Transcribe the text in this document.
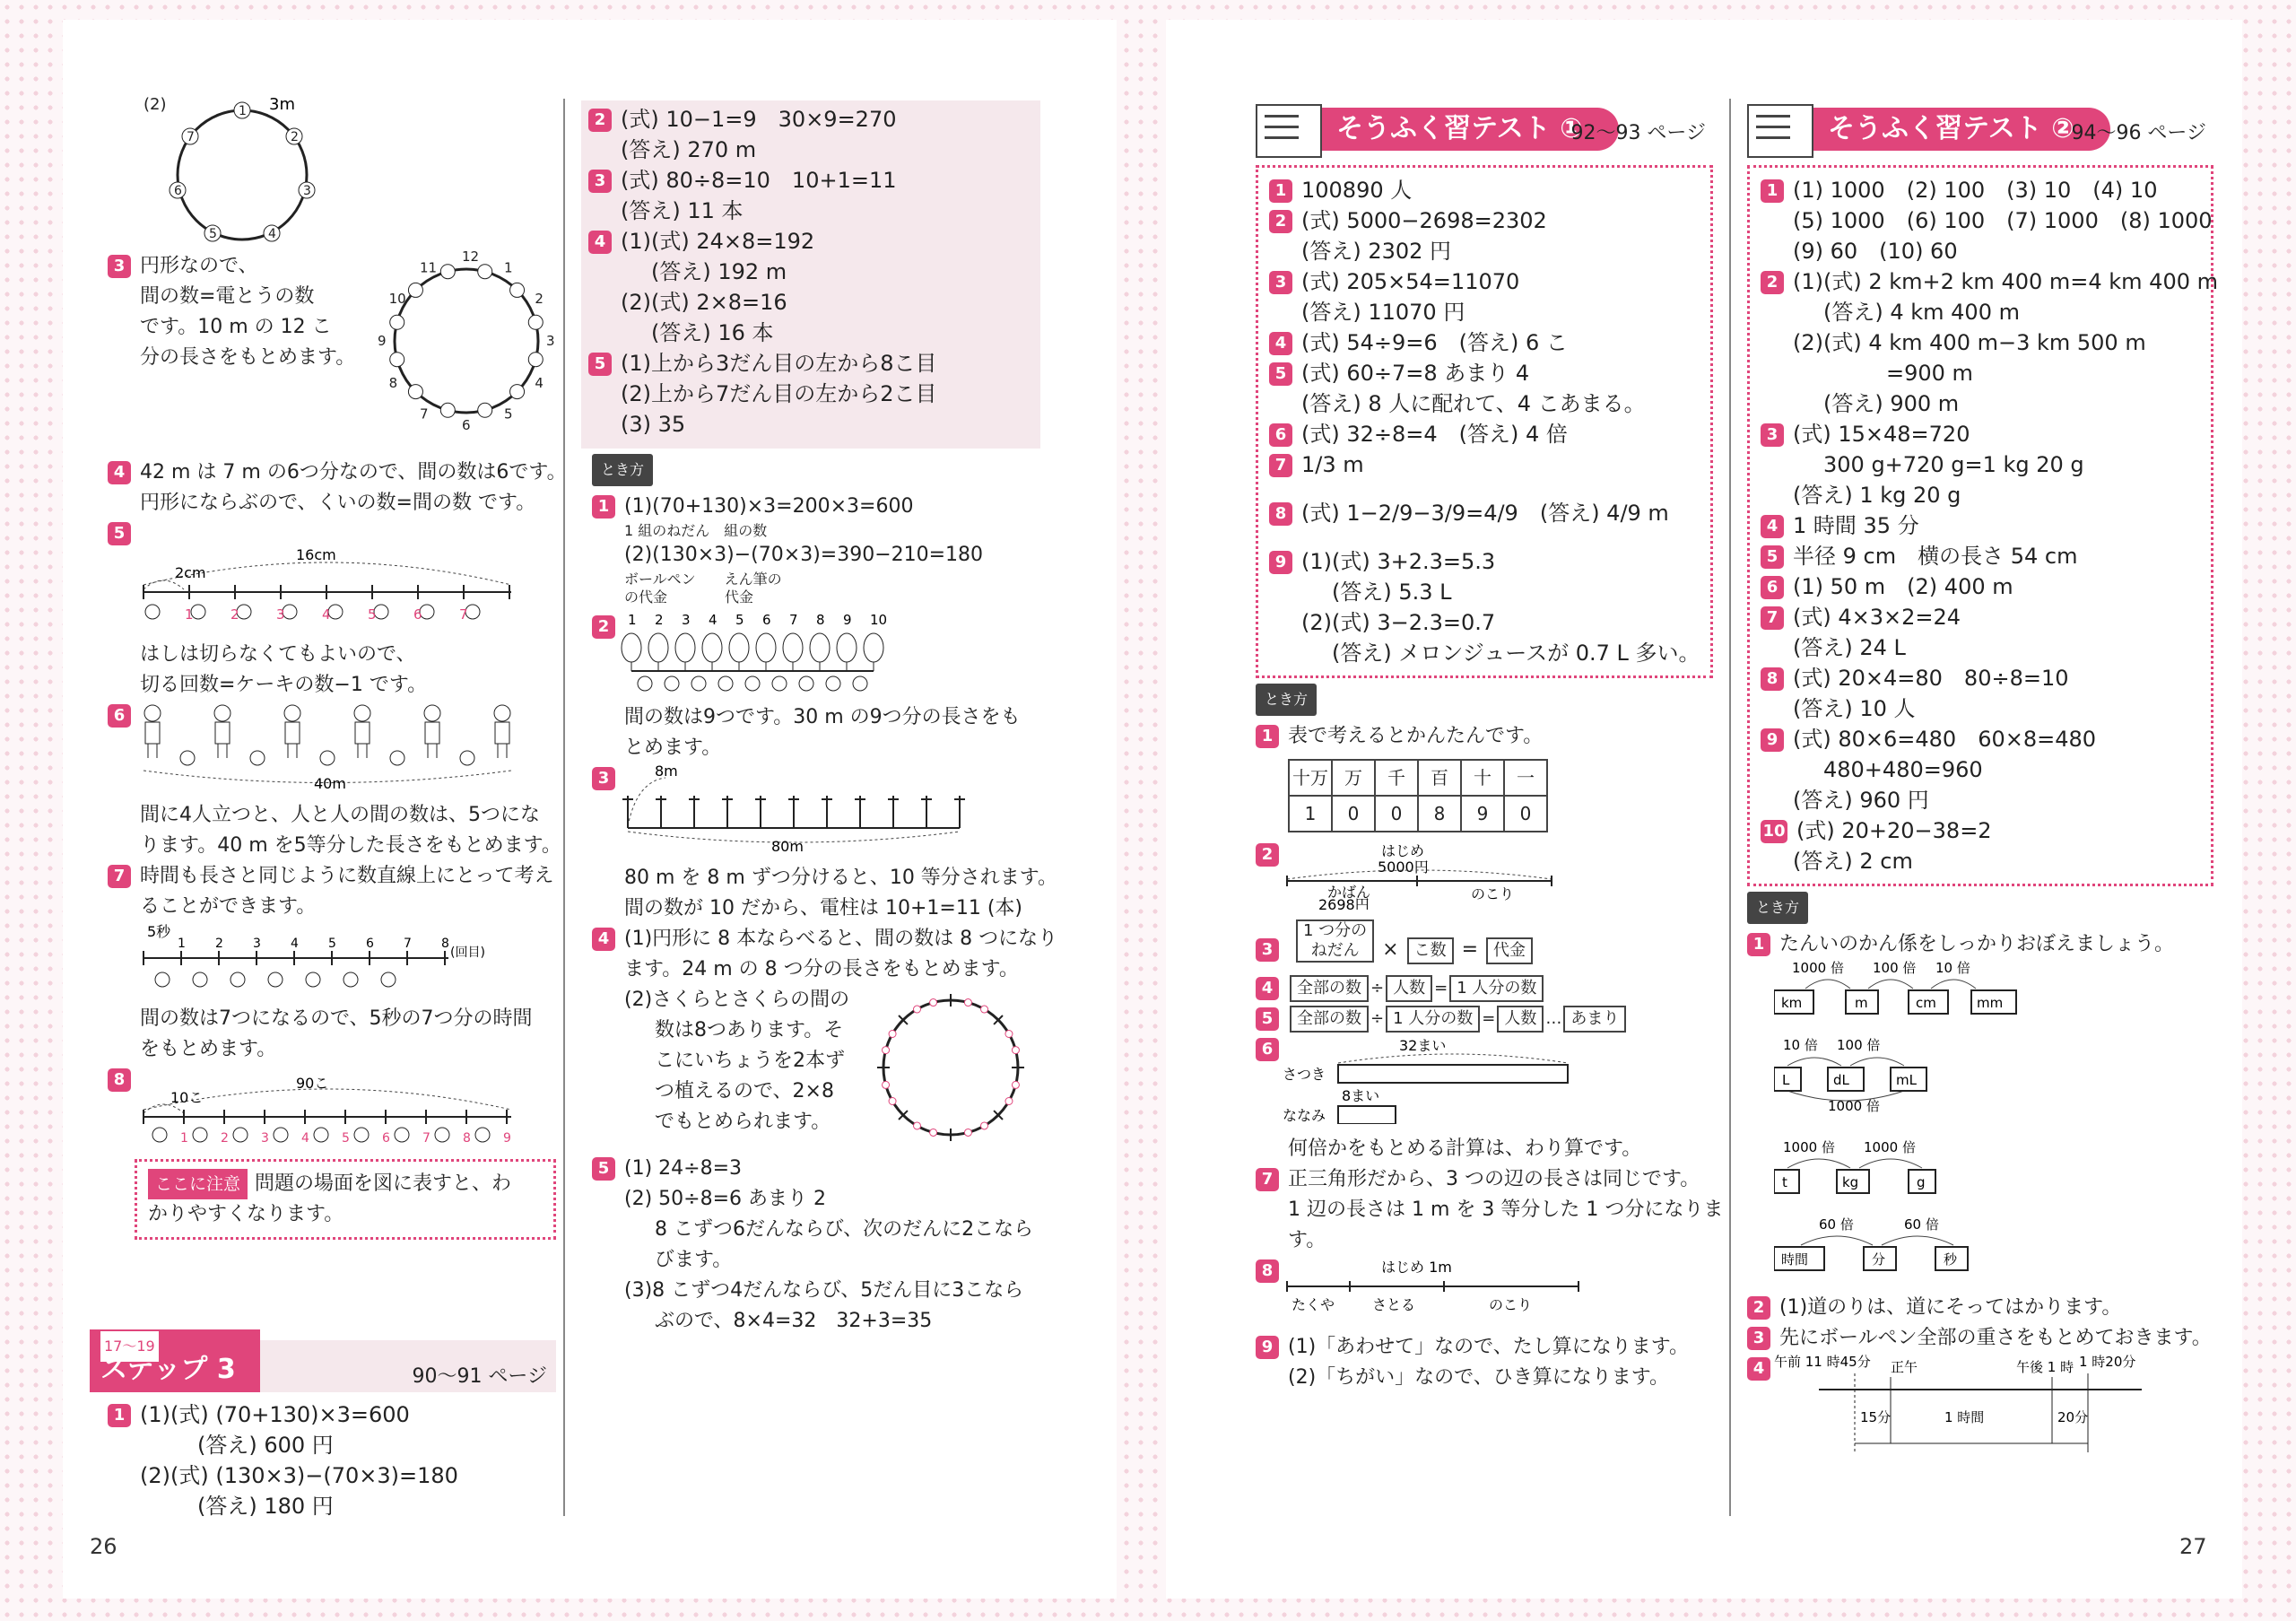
(2)	1
2
3
4
5
6
7
3m
3 円形なので、
間の数=電とうの数
です。10 m の 12 こ
分の長さをもとめます。
1
2
3
4
5
6
7
8
9
10
11
12
4 42 m は 7 m の6つ分なので、間の数は6です。
円形にならぶので、くいの数=間の数 です。
5
16cm
2cm
1	2	3	4	5	6	7
はしは切らなくてもよいので、
切る回数=ケーキの数−1 です。
6
40m
間に4人立つと、人と人の間の数は、5つにな
ります。40 m を5等分した長さをもとめます。
7 時間も長さと同じように数直線上にとって考え
ることができます。
5秒
1 2 3 4 5 6 7 8
(回目)
間の数は7つになるので、5秒の7つ分の時間
をもとめます。
8	90こ
10こ
1	2	3	4	5	6	7	8	9
ここに注意 問題の場面を図に表すと、わ
かりやすくなります。
17〜19
ステップ 3	90〜91 ページ
1 (1)(式) (70+130)×3=600
(答え) 600 円
(2)(式) (130×3)−(70×3)=180
(答え) 180 円
2 (式) 10−1=9　30×9=270
(答え) 270 m
3 (式) 80÷8=10　10+1=11
(答え) 11 本
4 (1)(式) 24×8=192
(答え) 192 m
(2)(式) 2×8=16
(答え) 16 本
5 (1)上から3だん目の左から8こ目
(2)上から7だん目の左から2こ目
(3) 35
とき方
1 (1)(70+130)×3=200×3=600
1 組のねだん　組の数
(2)(130×3)−(70×3)=390−210=180
ボールペン　　えん筆の
の代金　　　　代金
2	1 2 3 4 5 6 7 8 9 10
間の数は9つです。30 m の9つ分の長さをも
とめます。
3	8m
80m
80 m を 8 m ずつ分けると、10 等分されます。
間の数が 10 だから、電柱は 10+1=11 (本)
4 (1)円形に 8 本ならべると、間の数は 8 つになり
ます。24 m の 8 つ分の長さをもとめます。
(2)さくらとさくらの間の
数は8つあります。そ
こにいちょうを2本ず
つ植えるので、2×8
でもとめられます。
5 (1) 24÷8=3
(2) 50÷8=6 あまり 2
8 こずつ6だんならび、次のだんに2こなら
びます。
(3)8 こずつ4だんならび、5だん目に3こなら
ぶので、8×4=32　32+3=35
そうふく習テスト ①
92〜93 ページ
1 100890 人
2 (式) 5000−2698=2302
(答え) 2302 円
3 (式) 205×54=11070
(答え) 11070 円
4 (式) 54÷9=6　(答え) 6 こ
5 (式) 60÷7=8 あまり 4
(答え) 8 人に配れて、4 こあまる。
6 (式) 32÷8=4　(答え) 4 倍
7 1/3 m
8 (式) 1−2/9−3/9=4/9　(答え) 4/9 m
9 (1)(式) 3+2.3=5.3
(答え) 5.3 L
(2)(式) 3−2.3=0.7
(答え) メロンジュースが 0.7 L 多い。
とき方
1 表で考えるとかんたんです。
十万	万	千	百	十	一
1	0	0	8	9	0
2	はじめ
5000円
かばん
2698円
のこり
3
1 つ分の
ねだん × こ数 = 代金
4 全部の数 ÷ 人数 = 1 人分の数
5 全部の数 ÷ 1 人分の数 = 人数 … あまり
6	32まい
さつき
8まい
ななみ
何倍かをもとめる計算は、わり算です。
7 正三角形だから、3 つの辺の長さは同じです。
1 辺の長さは 1 m を 3 等分した 1 つ分になりま
す。
8	はじめ 1m
たくや	さとる	のこり
9 (1)「あわせて」なので、たし算になります。
(2)「ちがい」なので、ひき算になります。
そうふく習テスト ②
94〜96 ページ
1 (1) 1000　(2) 100　(3) 10　(4) 10
(5) 1000　(6) 100　(7) 1000　(8) 1000
(9) 60　(10) 60
2 (1)(式) 2 km+2 km 400 m=4 km 400 m
(答え) 4 km 400 m
(2)(式) 4 km 400 m−3 km 500 m
=900 m
(答え) 900 m
3 (式) 15×48=720
300 g+720 g=1 kg 20 g
(答え) 1 kg 20 g
4 1 時間 35 分
5 半径 9 cm　横の長さ 54 cm
6 (1) 50 m　(2) 400 m
7 (式) 4×3×2=24
(答え) 24 L
8 (式) 20×4=80　80÷8=10
(答え) 10 人
9 (式) 80×6=480　60×8=480
480+480=960
(答え) 960 円
10 (式) 20+20−38=2
(答え) 2 cm
とき方
1 たんいのかん係をしっかりおぼえましょう。
1000 倍 100 倍 10 倍
km	m	cm	mm
10 倍 100 倍
1000 倍
L	dL	mL
1000 倍 1000 倍
t	kg	g
60 倍	60 倍
時間	分	秒
2 (1)道のりは、道にそってはかります。
3 先にボールペン全部の重さをもとめておきます。
4 午前 11 時45分 正午	午後 1 時 1 時20分
15分	1 時間	20分
26	27
